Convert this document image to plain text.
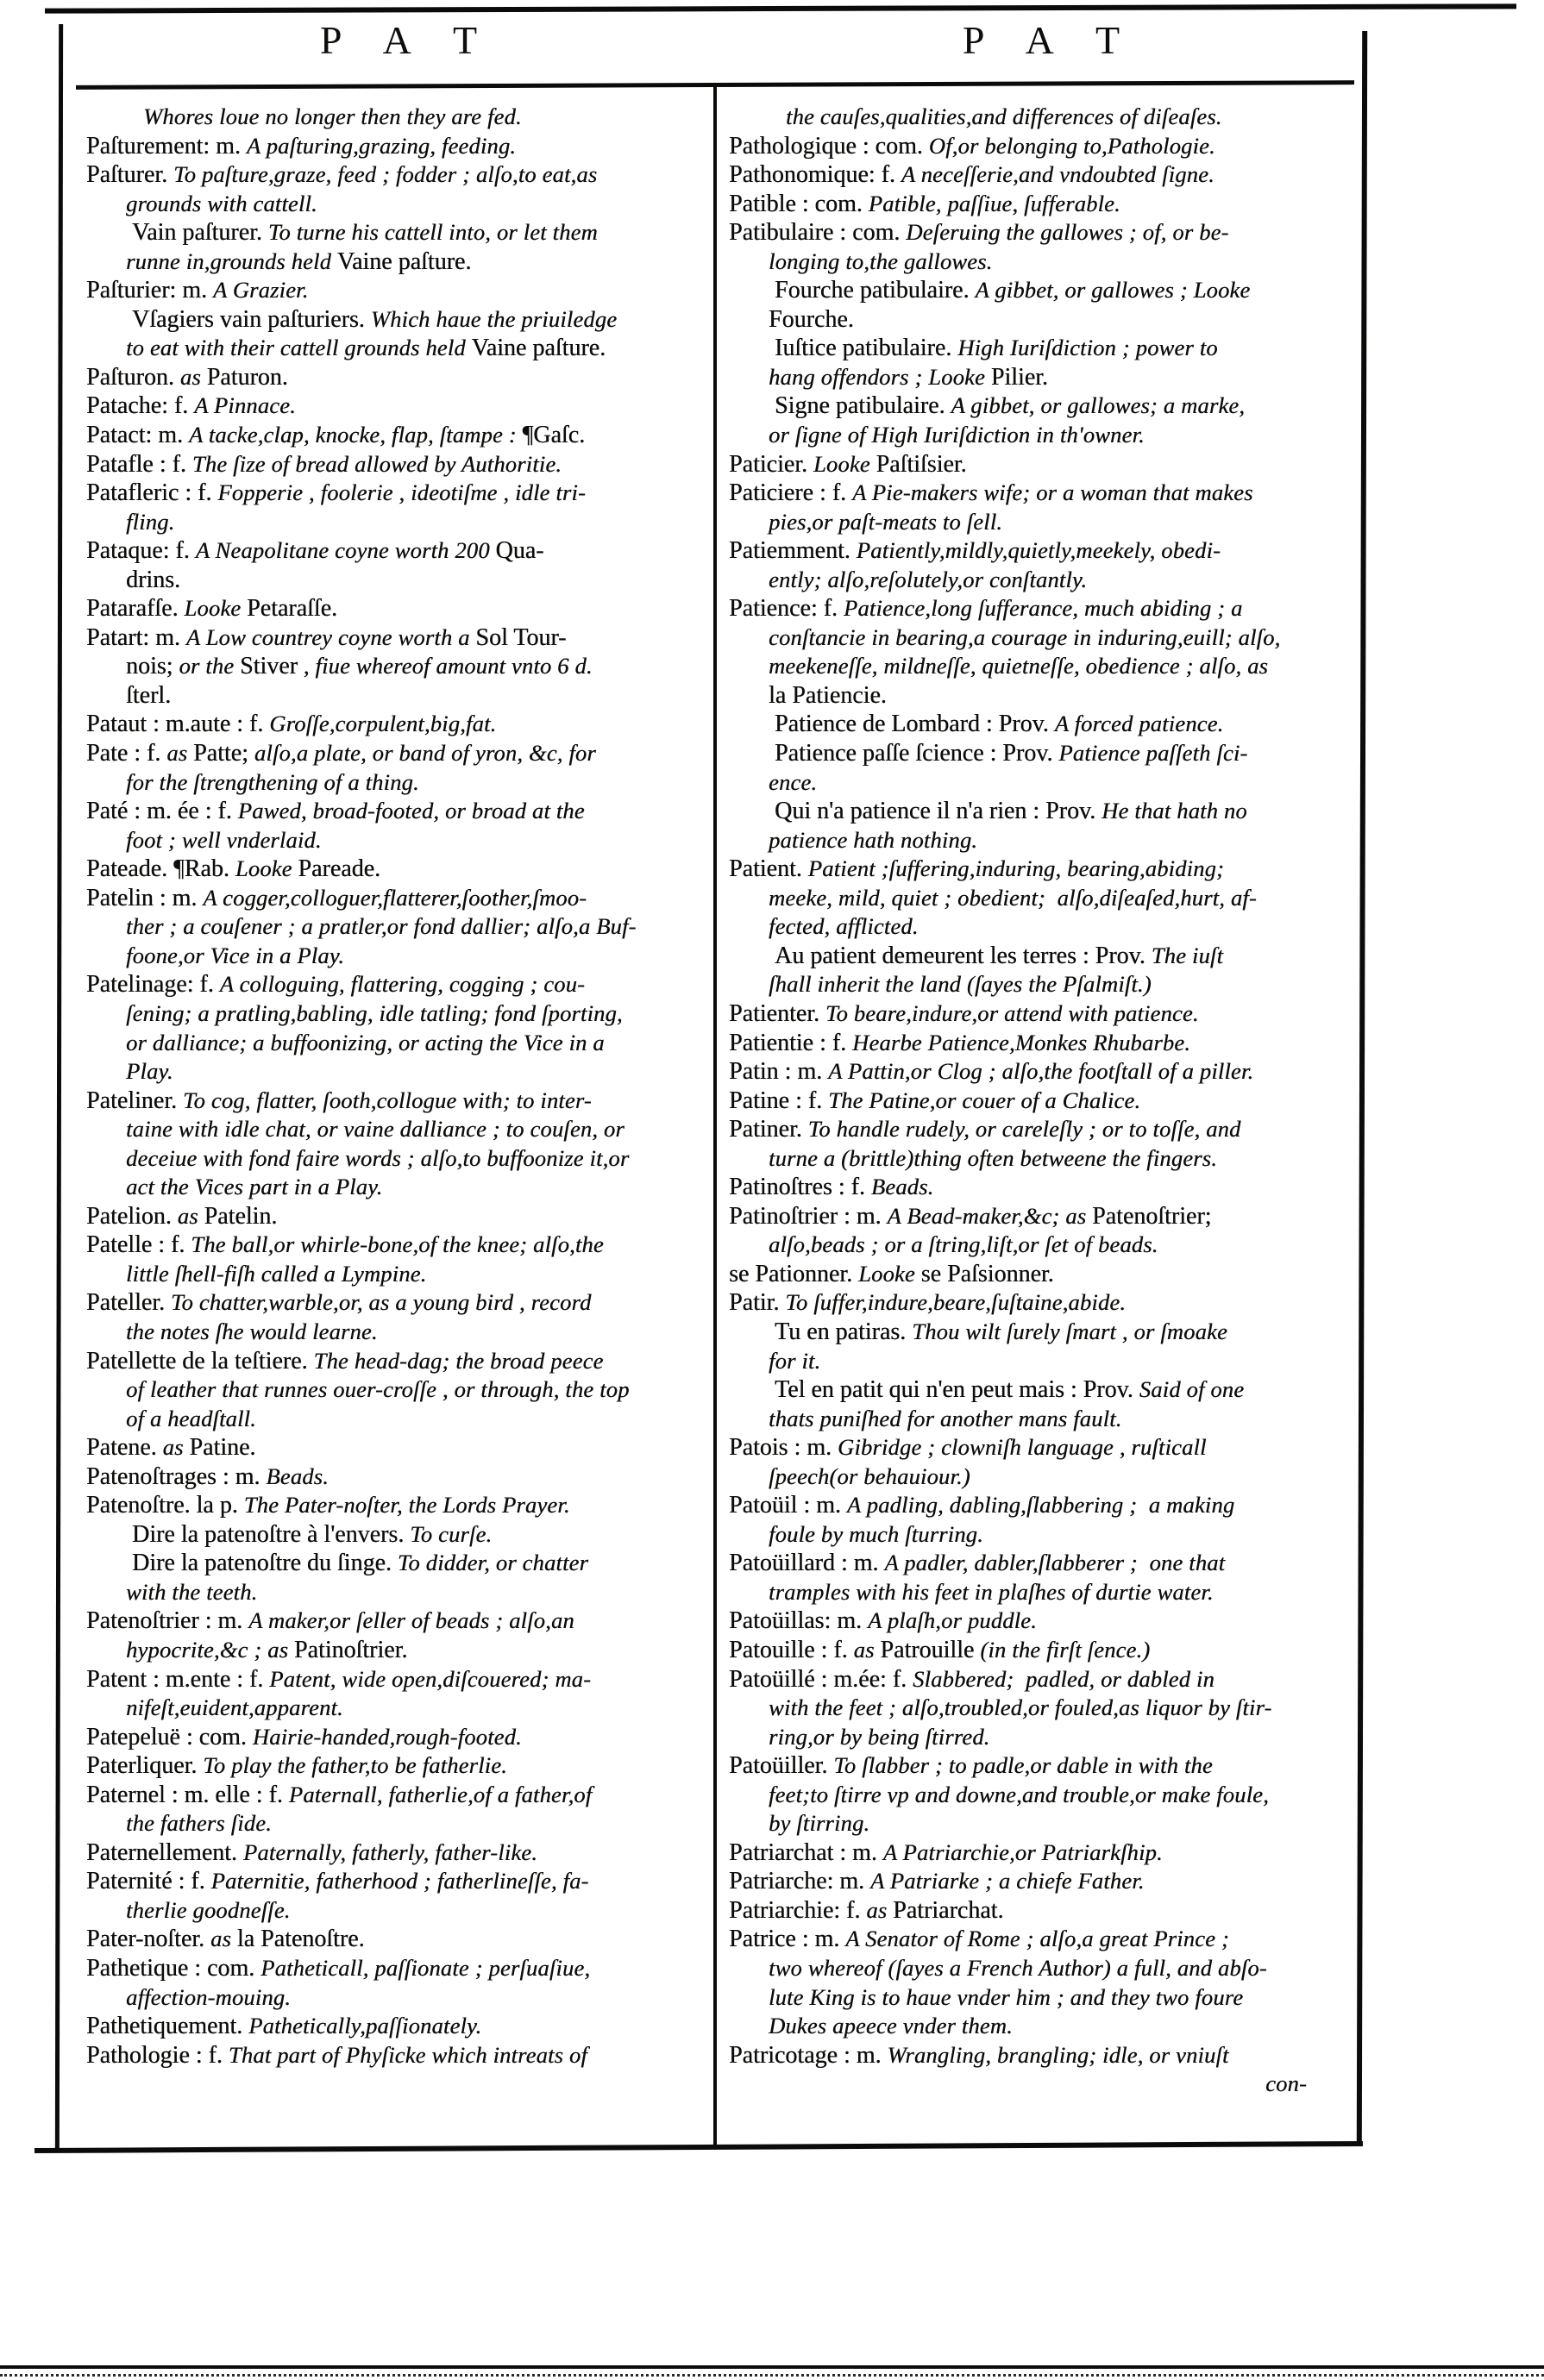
P A T	P A T
Whores loue no longer then they are fed.
Paſturement: m. A paſturing,grazing, feeding.
Paſturer. To paſture,graze, feed ; fodder ; alſo,to eat,as
grounds with cattell.
Vain paſturer. To turne his cattell into, or let them
runne in,grounds held Vaine paſture.
Paſturier: m. A Grazier.
Vſagiers vain paſturiers. Which haue the priuiledge
to eat with their cattell grounds held Vaine paſture.
Paſturon. as Paturon.
Patache: f. A Pinnace.
Patact: m. A tacke,clap, knocke, flap, ſtampe : ¶Gaſc.
Patafle : f. The ſize of bread allowed by Authoritie.
Patafleric : f. Fopperie , foolerie , ideotiſme , idle tri-
fling.
Pataque: f. A Neapolitane coyne worth 200 Qua-
drins.
Patarafſe. Looke Petaraſſe.
Patart: m. A Low countrey coyne worth a Sol Tour-
nois; or the Stiver , fiue whereof amount vnto 6 d.
ſterl.
Pataut : m.aute : f. Groſſe,corpulent,big,fat.
Pate : f. as Patte; alſo,a plate, or band of yron, &c, for
for the ſtrengthening of a thing.
Paté : m. ée : f. Pawed, broad-footed, or broad at the
foot ; well vnderlaid.
Pateade. ¶Rab. Looke Pareade.
Patelin : m. A cogger,colloguer,flatterer,ſoother,ſmoo-
ther ; a couſener ; a pratler,or fond dallier; alſo,a Buf-
foone,or Vice in a Play.
Patelinage: f. A colloguing, flattering, cogging ; cou-
ſening; a pratling,babling, idle tatling; fond ſporting,
or dalliance; a buffoonizing, or acting the Vice in a
Play.
Pateliner. To cog, flatter, ſooth,collogue with; to inter-
taine with idle chat, or vaine dalliance ; to couſen, or
deceiue with fond faire words ; alſo,to buffoonize it,or
act the Vices part in a Play.
Patelion. as Patelin.
Patelle : f. The ball,or whirle-bone,of the knee; alſo,the
little ſhell-fiſh called a Lympine.
Pateller. To chatter,warble,or, as a young bird , record
the notes ſhe would learne.
Patellette de la teſtiere. The head-dag; the broad peece
of leather that runnes ouer-croſſe , or through, the top
of a headſtall.
Patene. as Patine.
Patenoſtrages : m. Beads.
Patenoſtre. la p. The Pater-noſter, the Lords Prayer.
Dire la patenoſtre à l'envers. To curſe.
Dire la patenoſtre du ſinge. To didder, or chatter
with the teeth.
Patenoſtrier : m. A maker,or ſeller of beads ; alſo,an
hypocrite,&c ; as Patinoſtrier.
Patent : m.ente : f. Patent, wide open,diſcouered; ma-
nifeſt,euident,apparent.
Patepeluë : com. Hairie-handed,rough-footed.
Paterliquer. To play the father,to be fatherlie.
Paternel : m. elle : f. Paternall, fatherlie,of a father,of
the fathers ſide.
Paternellement. Paternally, fatherly, father-like.
Paternité : f. Paternitie, fatherhood ; fatherlineſſe, fa-
therlie goodneſſe.
Pater-noſter. as la Patenoſtre.
Pathetique : com. Patheticall, paſſionate ; perſuaſiue,
affection-mouing.
Pathetiquement. Pathetically,paſſionately.
Pathologie : f. That part of Phyſicke which intreats of
the cauſes,qualities,and differences of diſeaſes.
Pathologique : com. Of,or belonging to,Pathologie.
Pathonomique: f. A neceſſerie,and vndoubted ſigne.
Patible : com. Patible, paſſiue, ſufferable.
Patibulaire : com. Deſeruing the gallowes ; of, or be-
longing to,the gallowes.
Fourche patibulaire. A gibbet, or gallowes ; Looke
Fourche.
Iuſtice patibulaire. High Iuriſdiction ; power to
hang offendors ; Looke Pilier.
Signe patibulaire. A gibbet, or gallowes; a marke,
or ſigne of High Iuriſdiction in th'owner.
Paticier. Looke Paſtiſsier.
Paticiere : f. A Pie-makers wife; or a woman that makes
pies,or paſt-meats to ſell.
Patiemment. Patiently,mildly,quietly,meekely, obedi-
ently; alſo,reſolutely,or conſtantly.
Patience: f. Patience,long ſufferance, much abiding ; a
conſtancie in bearing,a courage in induring,euill; alſo,
meekeneſſe, mildneſſe, quietneſſe, obedience ; alſo, as
la Patiencie.
Patience de Lombard : Prov. A forced patience.
Patience paſſe ſcience : Prov. Patience paſſeth ſci-
ence.
Qui n'a patience il n'a rien : Prov. He that hath no
patience hath nothing.
Patient. Patient ;ſuffering,induring, bearing,abiding;
meeke, mild, quiet ; obedient;  alſo,diſeaſed,hurt, af-
fected, afflicted.
Au patient demeurent les terres : Prov. The iuſt
ſhall inherit the land (ſayes the Pſalmiſt.)
Patienter. To beare,indure,or attend with patience.
Patientie : f. Hearbe Patience,Monkes Rhubarbe.
Patin : m. A Pattin,or Clog ; alſo,the footſtall of a piller.
Patine : f. The Patine,or couer of a Chalice.
Patiner. To handle rudely, or careleſly ; or to toſſe, and
turne a (brittle)thing often betweene the fingers.
Patinoſtres : f. Beads.
Patinoſtrier : m. A Bead-maker,&c; as Patenoſtrier;
alſo,beads ; or a ſtring,liſt,or ſet of beads.
se Pationner. Looke se Paſsionner.
Patir. To ſuffer,indure,beare,ſuſtaine,abide.
Tu en patiras. Thou wilt ſurely ſmart , or ſmoake
for it.
Tel en patit qui n'en peut mais : Prov. Said of one
thats puniſhed for another mans fault.
Patois : m. Gibridge ; clowniſh language , ruſticall
ſpeech(or behauiour.)
Patoüil : m. A padling, dabling,ſlabbering ;  a making
foule by much ſturring.
Patoüillard : m. A padler, dabler,ſlabberer ;  one that
tramples with his feet in plaſhes of durtie water.
Patoüillas: m. A plaſh,or puddle.
Patouille : f. as Patrouille (in the firſt ſence.)
Patoüillé : m.ée: f. Slabbered;  padled, or dabled in
with the feet ; alſo,troubled,or fouled,as liquor by ſtir-
ring,or by being ſtirred.
Patoüiller. To ſlabber ; to padle,or dable in with the
feet;to ſtirre vp and downe,and trouble,or make foule,
by ſtirring.
Patriarchat : m. A Patriarchie,or Patriarkſhip.
Patriarche: m. A Patriarke ; a chiefe Father.
Patriarchie: f. as Patriarchat.
Patrice : m. A Senator of Rome ; alſo,a great Prince ;
two whereof (ſayes a French Author) a full, and abſo-
lute King is to haue vnder him ; and they two foure
Dukes apeece vnder them.
Patricotage : m. Wrangling, brangling; idle, or vniuſt
con-
